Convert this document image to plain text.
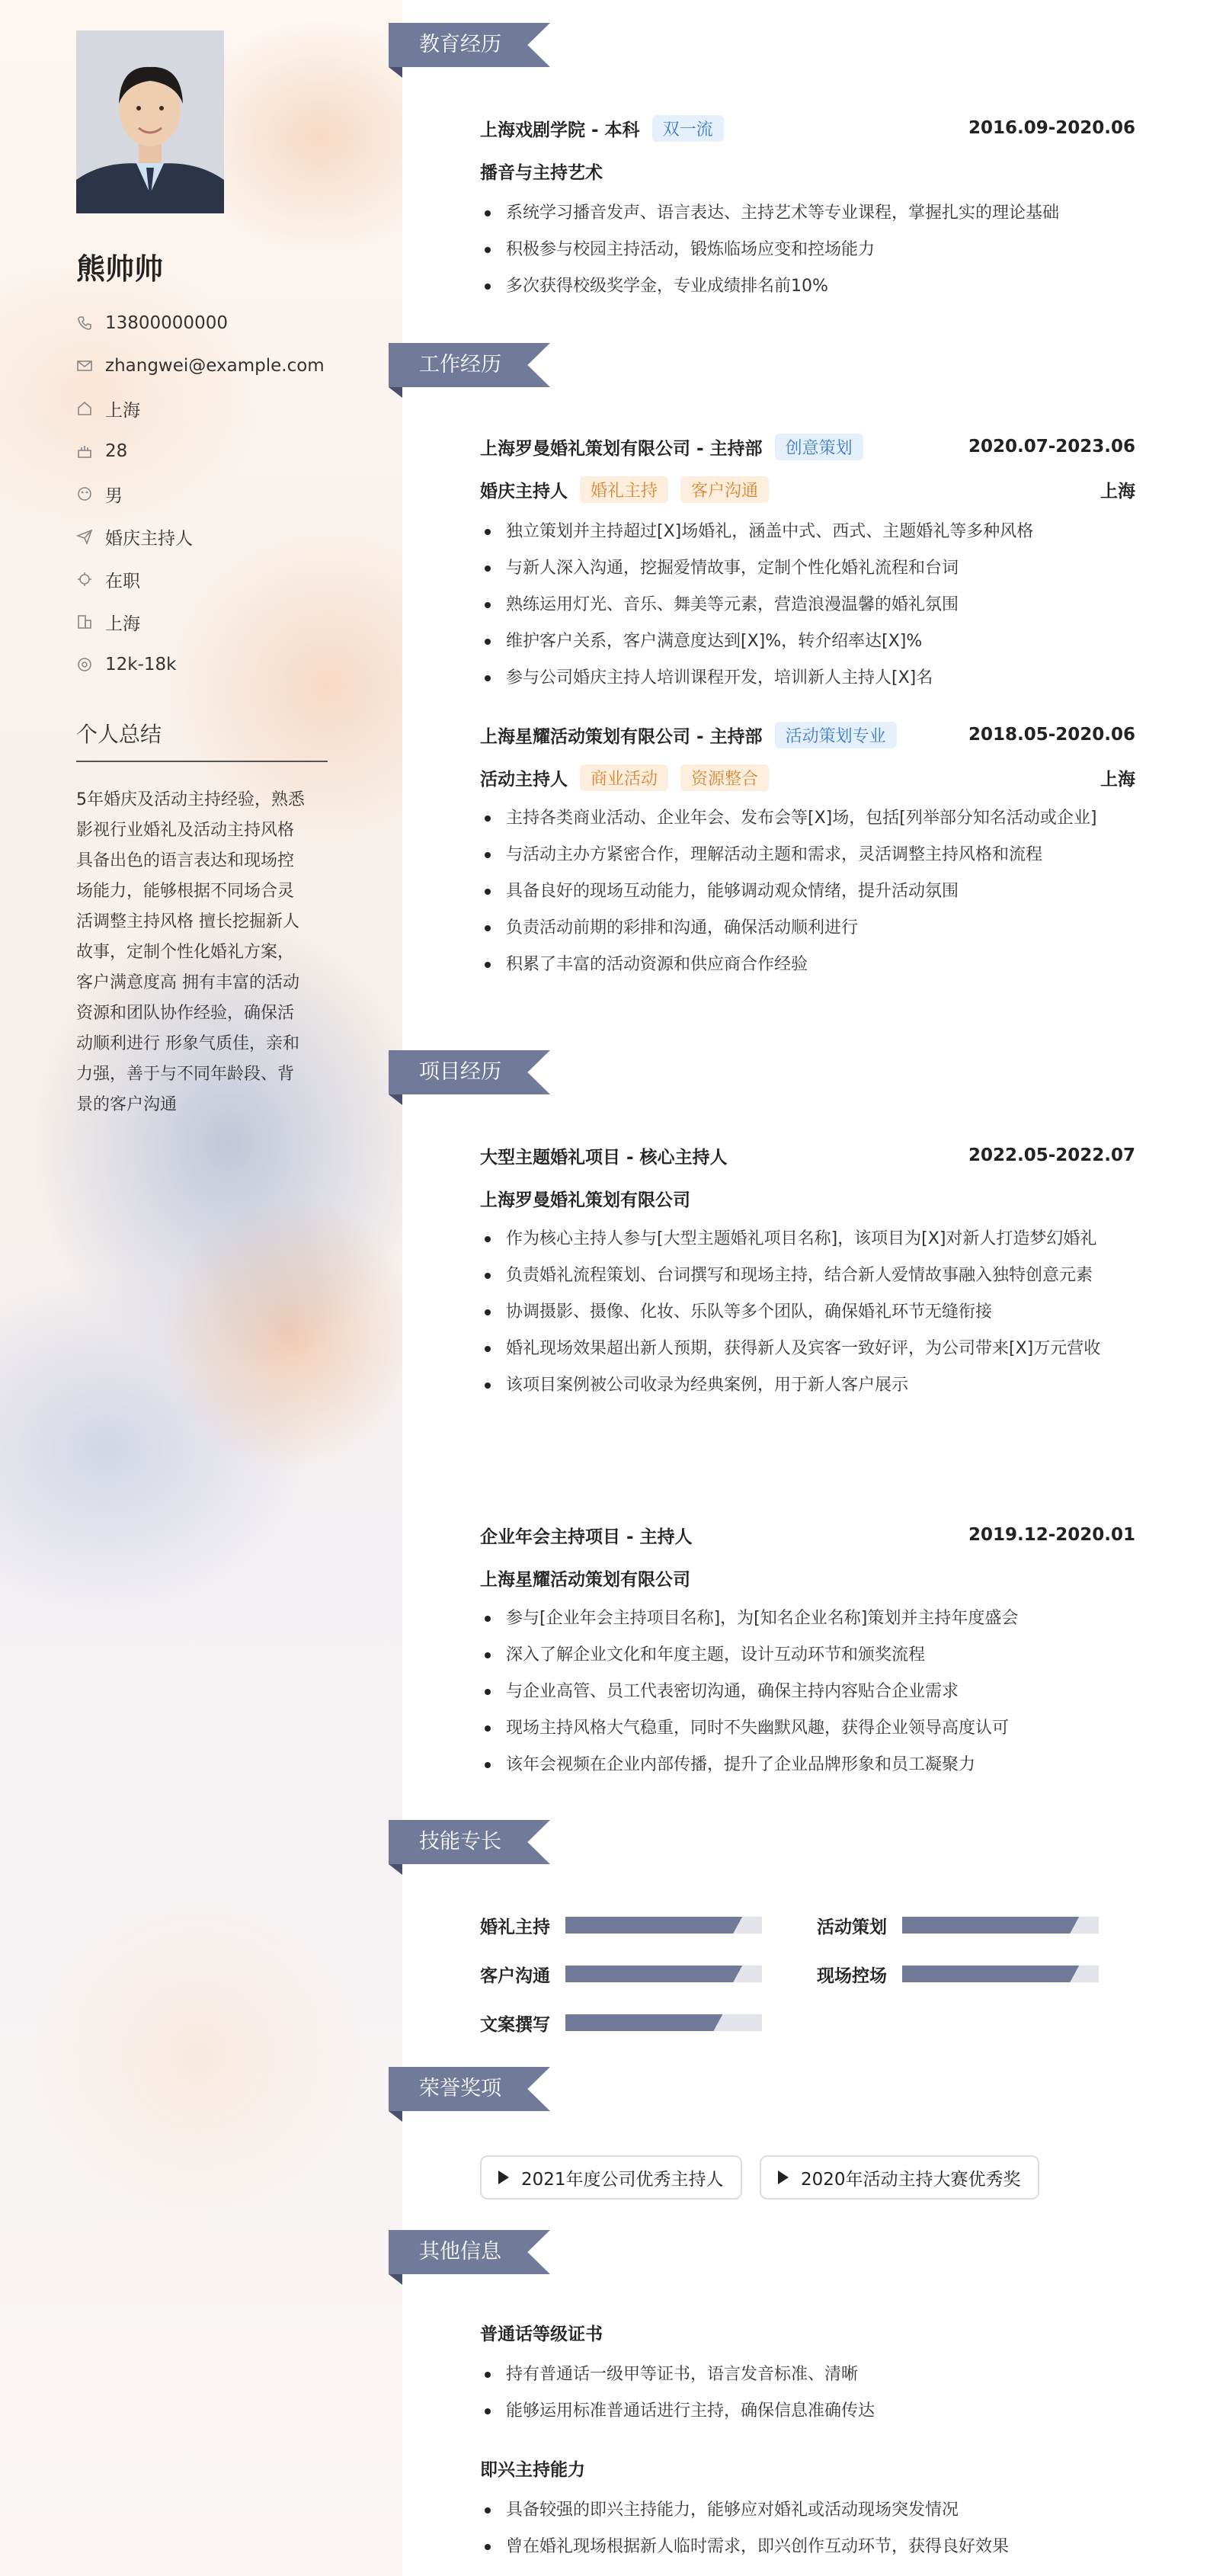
熊帅帅
13800000000
zhangwei@example.com
上海
28
男
婚庆主持人
在职
上海
12k-18k
个人总结
5年婚庆及活动主持经验，熟悉
影视行业婚礼及活动主持风格
具备出色的语言表达和现场控
场能力，能够根据不同场合灵
活调整主持风格 擅长挖掘新人
故事，定制个性化婚礼方案，
客户满意度高 拥有丰富的活动
资源和团队协作经验，确保活
动顺利进行 形象气质佳，亲和
力强，善于与不同年龄段、背
景的客户沟通
教育经历
上海戏剧学院 - 本科	双一流	2016.09-2020.06
播音与主持艺术
系统学习播音发声、语言表达、主持艺术等专业课程，掌握扎实的理论基础
积极参与校园主持活动，锻炼临场应变和控场能力
多次获得校级奖学金，专业成绩排名前10%
工作经历
上海罗曼婚礼策划有限公司 - 主持部	创意策划	2020.07-2023.06
婚庆主持人	婚礼主持	客户沟通	上海
独立策划并主持超过[X]场婚礼，涵盖中式、西式、主题婚礼等多种风格
与新人深入沟通，挖掘爱情故事，定制个性化婚礼流程和台词
熟练运用灯光、音乐、舞美等元素，营造浪漫温馨的婚礼氛围
维护客户关系，客户满意度达到[X]%，转介绍率达[X]%
参与公司婚庆主持人培训课程开发，培训新人主持人[X]名
上海星耀活动策划有限公司 - 主持部	活动策划专业	2018.05-2020.06
活动主持人	商业活动	资源整合	上海
主持各类商业活动、企业年会、发布会等[X]场，包括[列举部分知名活动或企业]
与活动主办方紧密合作，理解活动主题和需求，灵活调整主持风格和流程
具备良好的现场互动能力，能够调动观众情绪，提升活动氛围
负责活动前期的彩排和沟通，确保活动顺利进行
积累了丰富的活动资源和供应商合作经验
项目经历
大型主题婚礼项目 - 核心主持人	2022.05-2022.07
上海罗曼婚礼策划有限公司
作为核心主持人参与[大型主题婚礼项目名称]，该项目为[X]对新人打造梦幻婚礼
负责婚礼流程策划、台词撰写和现场主持，结合新人爱情故事融入独特创意元素
协调摄影、摄像、化妆、乐队等多个团队，确保婚礼环节无缝衔接
婚礼现场效果超出新人预期，获得新人及宾客一致好评，为公司带来[X]万元营收
该项目案例被公司收录为经典案例，用于新人客户展示
企业年会主持项目 - 主持人	2019.12-2020.01
上海星耀活动策划有限公司
参与[企业年会主持项目名称]，为[知名企业名称]策划并主持年度盛会
深入了解企业文化和年度主题，设计互动环节和颁奖流程
与企业高管、员工代表密切沟通，确保主持内容贴合企业需求
现场主持风格大气稳重，同时不失幽默风趣，获得企业领导高度认可
该年会视频在企业内部传播，提升了企业品牌形象和员工凝聚力
技能专长
婚礼主持	活动策划
客户沟通	现场控场
文案撰写
荣誉奖项
2021年度公司优秀主持人	2020年活动主持大赛优秀奖
其他信息
普通话等级证书
持有普通话一级甲等证书，语言发音标准、清晰
能够运用标准普通话进行主持，确保信息准确传达
即兴主持能力
具备较强的即兴主持能力，能够应对婚礼或活动现场突发情况
曾在婚礼现场根据新人临时需求，即兴创作互动环节，获得良好效果
